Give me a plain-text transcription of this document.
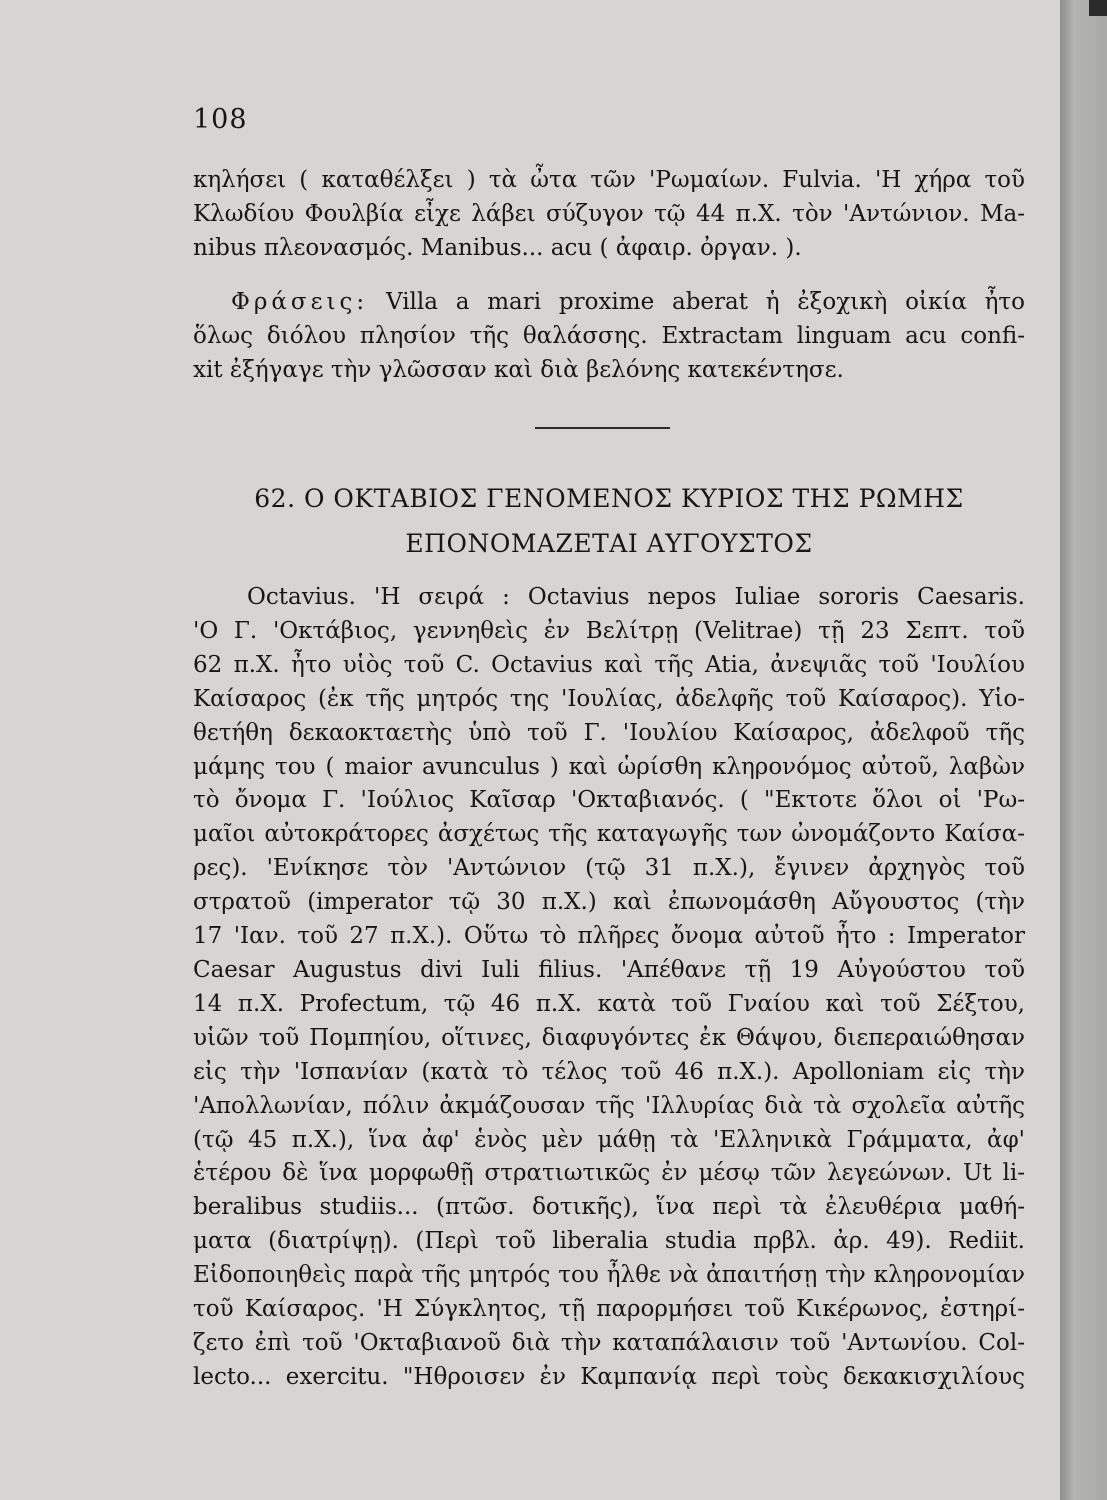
108
κηλήσει ( καταθέλξει ) τὰ ὦτα τῶν 'Ρωμαίων. Fulvia. 'Η χήρα τοῦ
Κλωδίου Φουλβία εἶχε λάβει σύζυγον τῷ 44 π.Χ. τὸν 'Αντώνιον. Ma-
nibus πλεονασμός. Manibus... acu ( ἀφαιρ. ὀργαν. ).
Φράσεις: Villa a mari proxime aberat ἡ ἐξοχικὴ οἰκία ἦτο
ὅλως διόλου πλησίον τῆς θαλάσσης. Extractam linguam acu confi-
xit ἐξήγαγε τὴν γλῶσσαν καὶ διὰ βελόνης κατεκέντησε.
62. Ο ΟΚΤΑΒΙΟΣ ΓΕΝΟΜΕΝΟΣ ΚΥΡΙΟΣ ΤΗΣ ΡΩΜΗΣ
ΕΠΟΝΟΜΑΖΕΤΑΙ ΑΥΓΟΥΣΤΟΣ
Octavius. 'Η σειρά : Octavius nepos Iuliae sororis Caesaris.
'Ο Γ. 'Οκτάβιος, γεννηθεὶς ἐν Βελίτρῃ (Velitrae) τῇ 23 Σεπτ. τοῦ
62 π.Χ. ἦτο υἱὸς τοῦ C. Octavius καὶ τῆς Atia, ἀνεψιᾶς τοῦ 'Ιουλίου
Καίσαρος (ἐκ τῆς μητρός της 'Ιουλίας, ἀδελφῆς τοῦ Καίσαρος). Υἱο-
θετήθη δεκαοκταετὴς ὑπὸ τοῦ Γ. 'Ιουλίου Καίσαρος, ἀδελφοῦ τῆς
μάμης του ( maior avunculus ) καὶ ὡρίσθη κληρονόμος αὐτοῦ, λαβὼν
τὸ ὄνομα Γ. 'Ιούλιος Καῖσαρ 'Οκταβιανός. ( "Εκτοτε ὅλοι οἱ 'Ρω-
μαῖοι αὐτοκράτορες ἀσχέτως τῆς καταγωγῆς των ὠνομάζοντο Καίσα-
ρες). 'Ενίκησε τὸν 'Αντώνιον (τῷ 31 π.Χ.), ἔγινεν ἀρχηγὸς τοῦ
στρατοῦ (imperator τῷ 30 π.Χ.) καὶ ἐπωνομάσθη Αὔγουστος (τὴν
17 'Ιαν. τοῦ 27 π.Χ.). Οὕτω τὸ πλῆρες ὄνομα αὐτοῦ ἦτο : Imperator
Caesar Augustus divi Iuli filius. 'Απέθανε τῇ 19 Αὐγούστου τοῦ
14 π.Χ. Profectum, τῷ 46 π.Χ. κατὰ τοῦ Γναίου καὶ τοῦ Σέξτου,
υἱῶν τοῦ Πομπηίου, οἵτινες, διαφυγόντες ἐκ Θάψου, διεπεραιώθησαν
εἰς τὴν 'Ισπανίαν (κατὰ τὸ τέλος τοῦ 46 π.Χ.). Apolloniam εἰς τὴν
'Απολλωνίαν, πόλιν ἀκμάζουσαν τῆς 'Ιλλυρίας διὰ τὰ σχολεῖα αὐτῆς
(τῷ 45 π.Χ.), ἵνα ἀφ' ἑνὸς μὲν μάθῃ τὰ 'Ελληνικὰ Γράμματα, ἀφ'
ἑτέρου δὲ ἵνα μορφωθῇ στρατιωτικῶς ἐν μέσῳ τῶν λεγεώνων. Ut li-
beralibus studiis... (πτῶσ. δοτικῆς), ἵνα περὶ τὰ ἐλευθέρια μαθή-
ματα (διατρίψῃ). (Περὶ τοῦ liberalia studia πρβλ. ἀρ. 49). Rediit.
Εἰδοποιηθεὶς παρὰ τῆς μητρός του ἦλθε νὰ ἀπαιτήσῃ τὴν κληρονομίαν
τοῦ Καίσαρος. 'Η Σύγκλητος, τῇ παρορμήσει τοῦ Κικέρωνος, ἐστηρί-
ζετο ἐπὶ τοῦ 'Οκταβιανοῦ διὰ τὴν καταπάλαισιν τοῦ 'Αντωνίου. Col-
lecto... exercitu. "Ηθροισεν ἐν Καμπανίᾳ περὶ τοὺς δεκακισχιλίους
